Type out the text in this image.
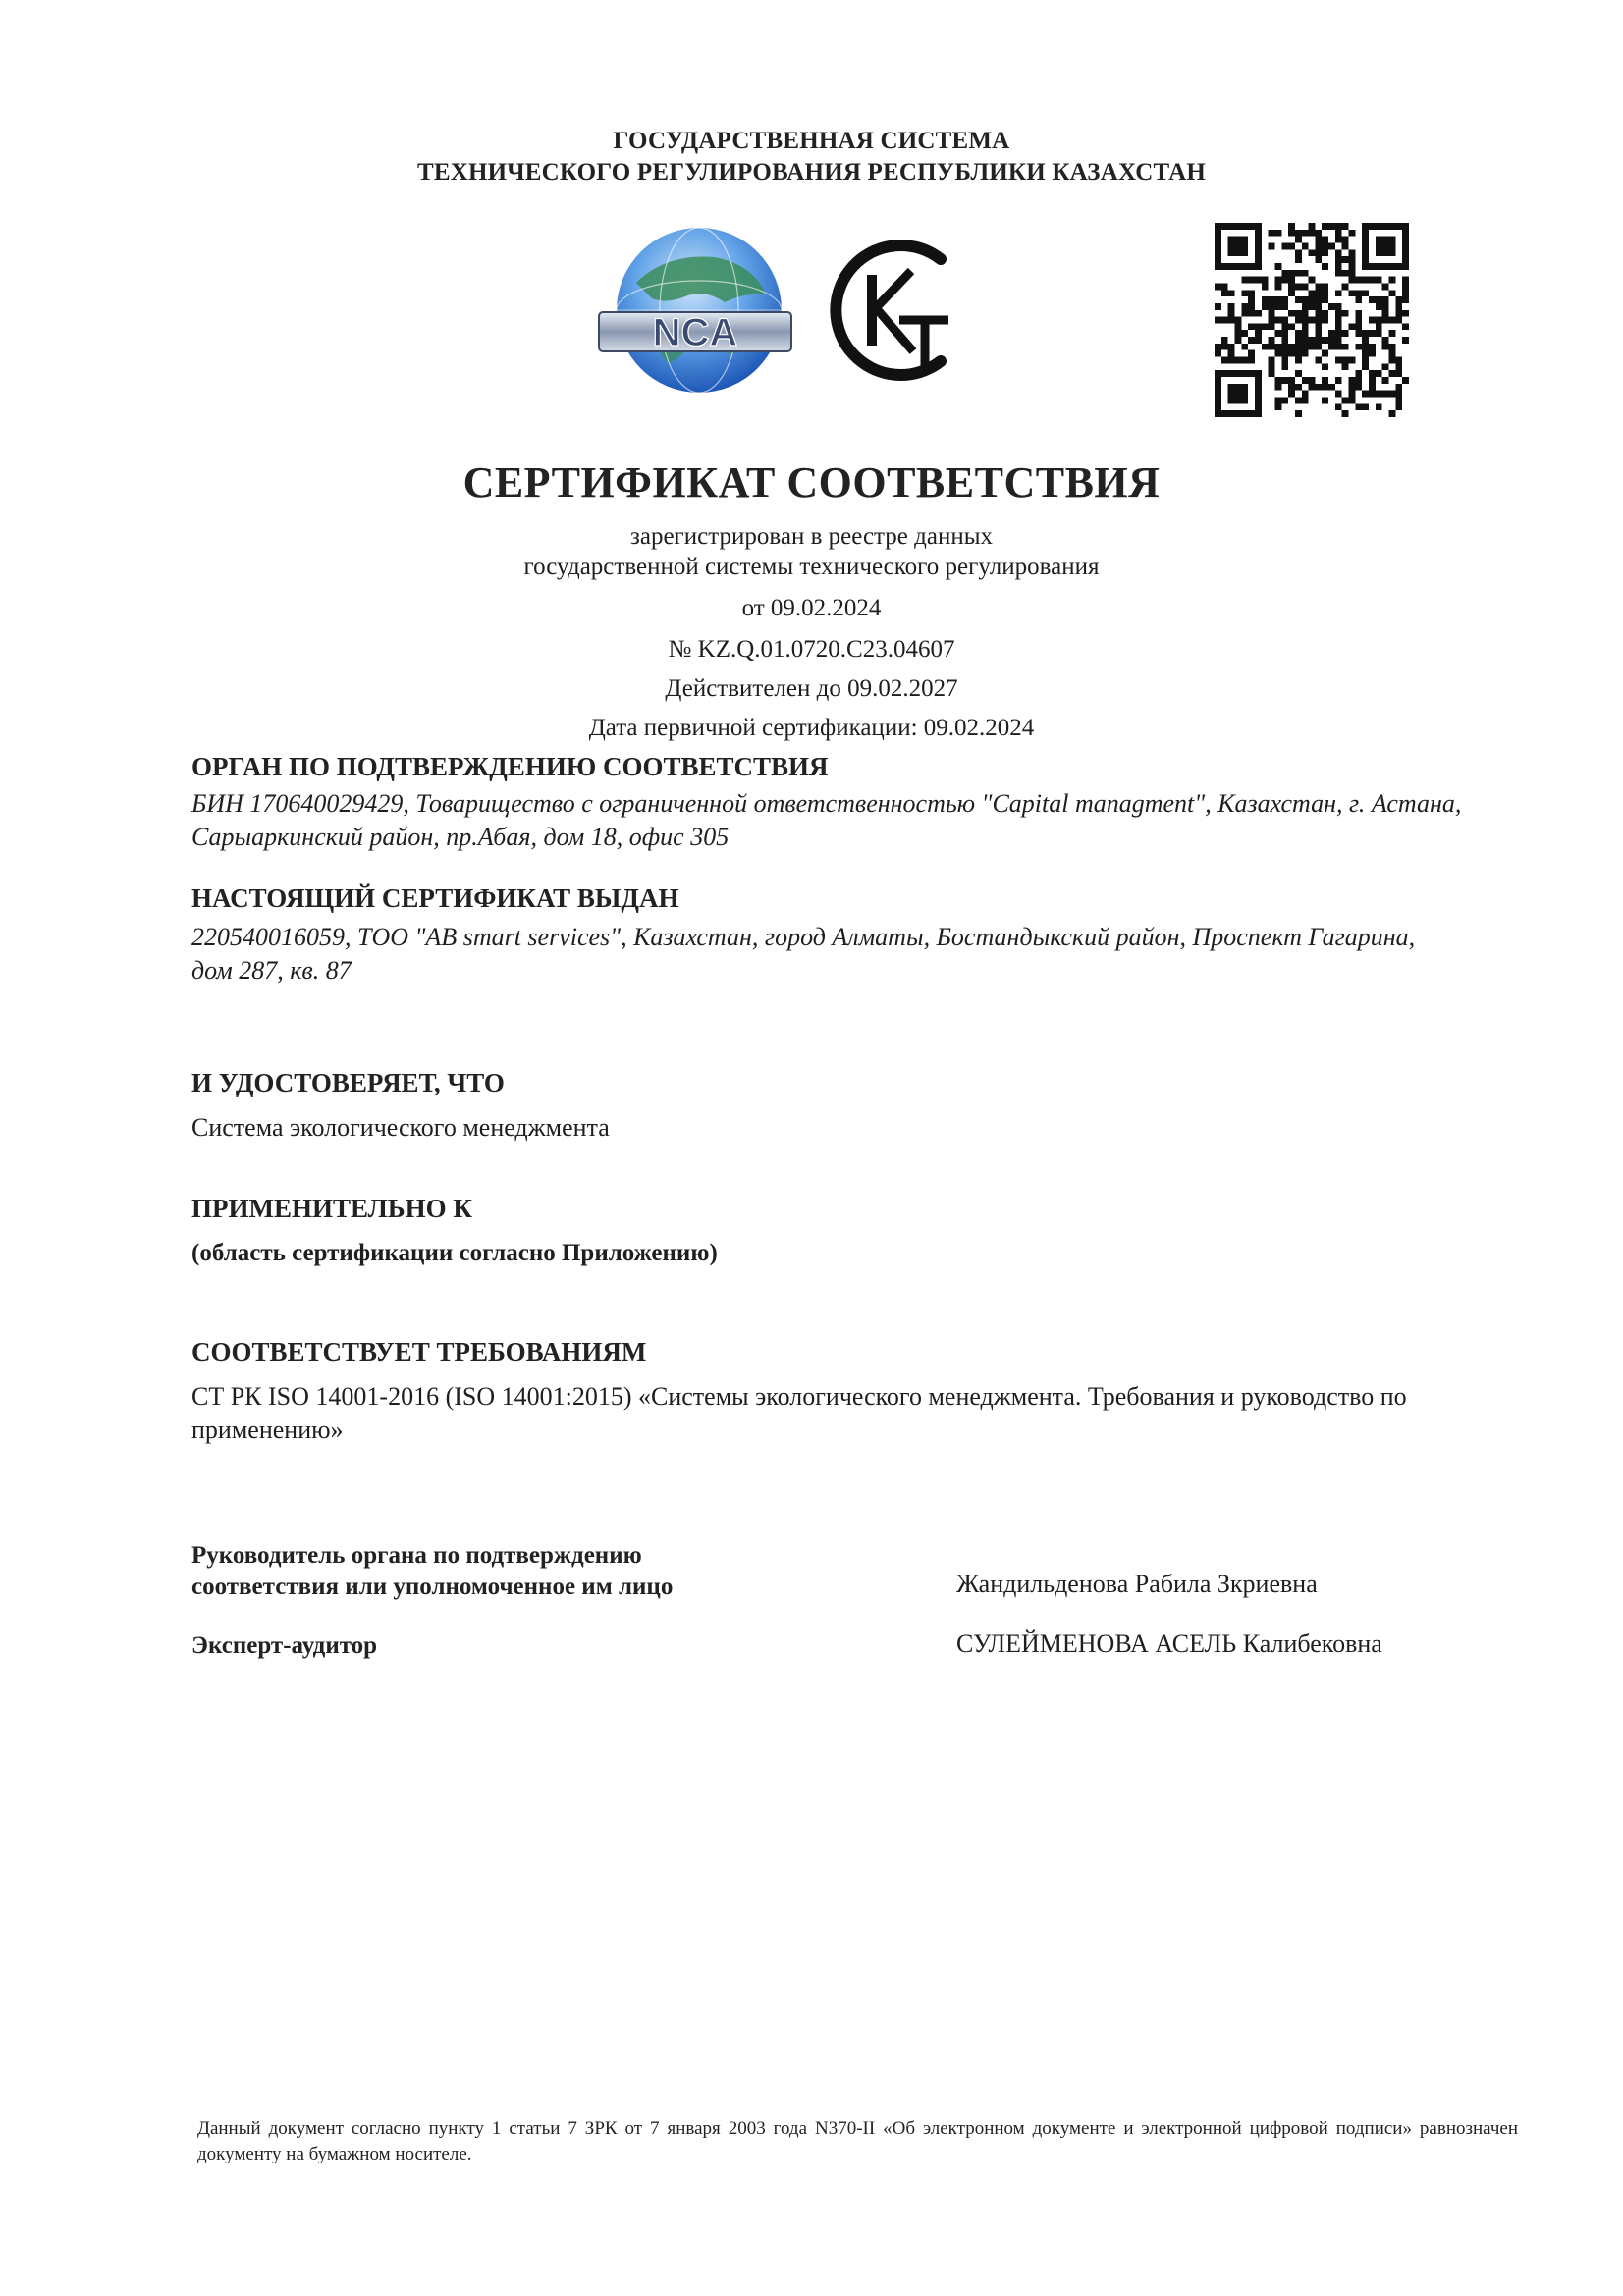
ГОСУДАРСТВЕННАЯ СИСТЕМА
ТЕХНИЧЕСКОГО РЕГУЛИРОВАНИЯ РЕСПУБЛИКИ КАЗАХСТАН
NCA
СЕРТИФИКАТ СООТВЕТСТВИЯ
зарегистрирован в реестре данных
государственной системы технического регулирования
от 09.02.2024
№ KZ.Q.01.0720.C23.04607
Действителен до 09.02.2027
Дата первичной сертификации: 09.02.2024
ОРГАН ПО ПОДТВЕРЖДЕНИЮ СООТВЕТСТВИЯ
БИН 170640029429, Товарищество с ограниченной ответственностью "Capital managment", Казахстан, г. Астана,
Сарыаркинский район, пр.Абая, дом 18, офис 305
НАСТОЯЩИЙ СЕРТИФИКАТ ВЫДАН
220540016059, ТОО "AB smart services", Казахстан, город Алматы, Бостандыкский район, Проспект Гагарина,
дом 287, кв. 87
И УДОСТОВЕРЯЕТ, ЧТО
Система экологического менеджмента
ПРИМЕНИТЕЛЬНО К
(область сертификации согласно Приложению)
СООТВЕТСТВУЕТ ТРЕБОВАНИЯМ
СТ РК ISO 14001-2016 (ISO 14001:2015) «Системы экологического менеджмента. Требования и руководство по
применению»
Руководитель органа по подтверждению
соответствия или уполномоченное им лицо	Жандильденова Рабила Зкриевна
Эксперт-аудитор	СУЛЕЙМЕНОВА АСЕЛЬ Калибековна
Данный документ согласно пункту 1 статьи 7 ЗРК от 7 января 2003 года N370-II «Об электронном документе и электронной цифровой подписи» равнозначен документу на бумажном носителе.
